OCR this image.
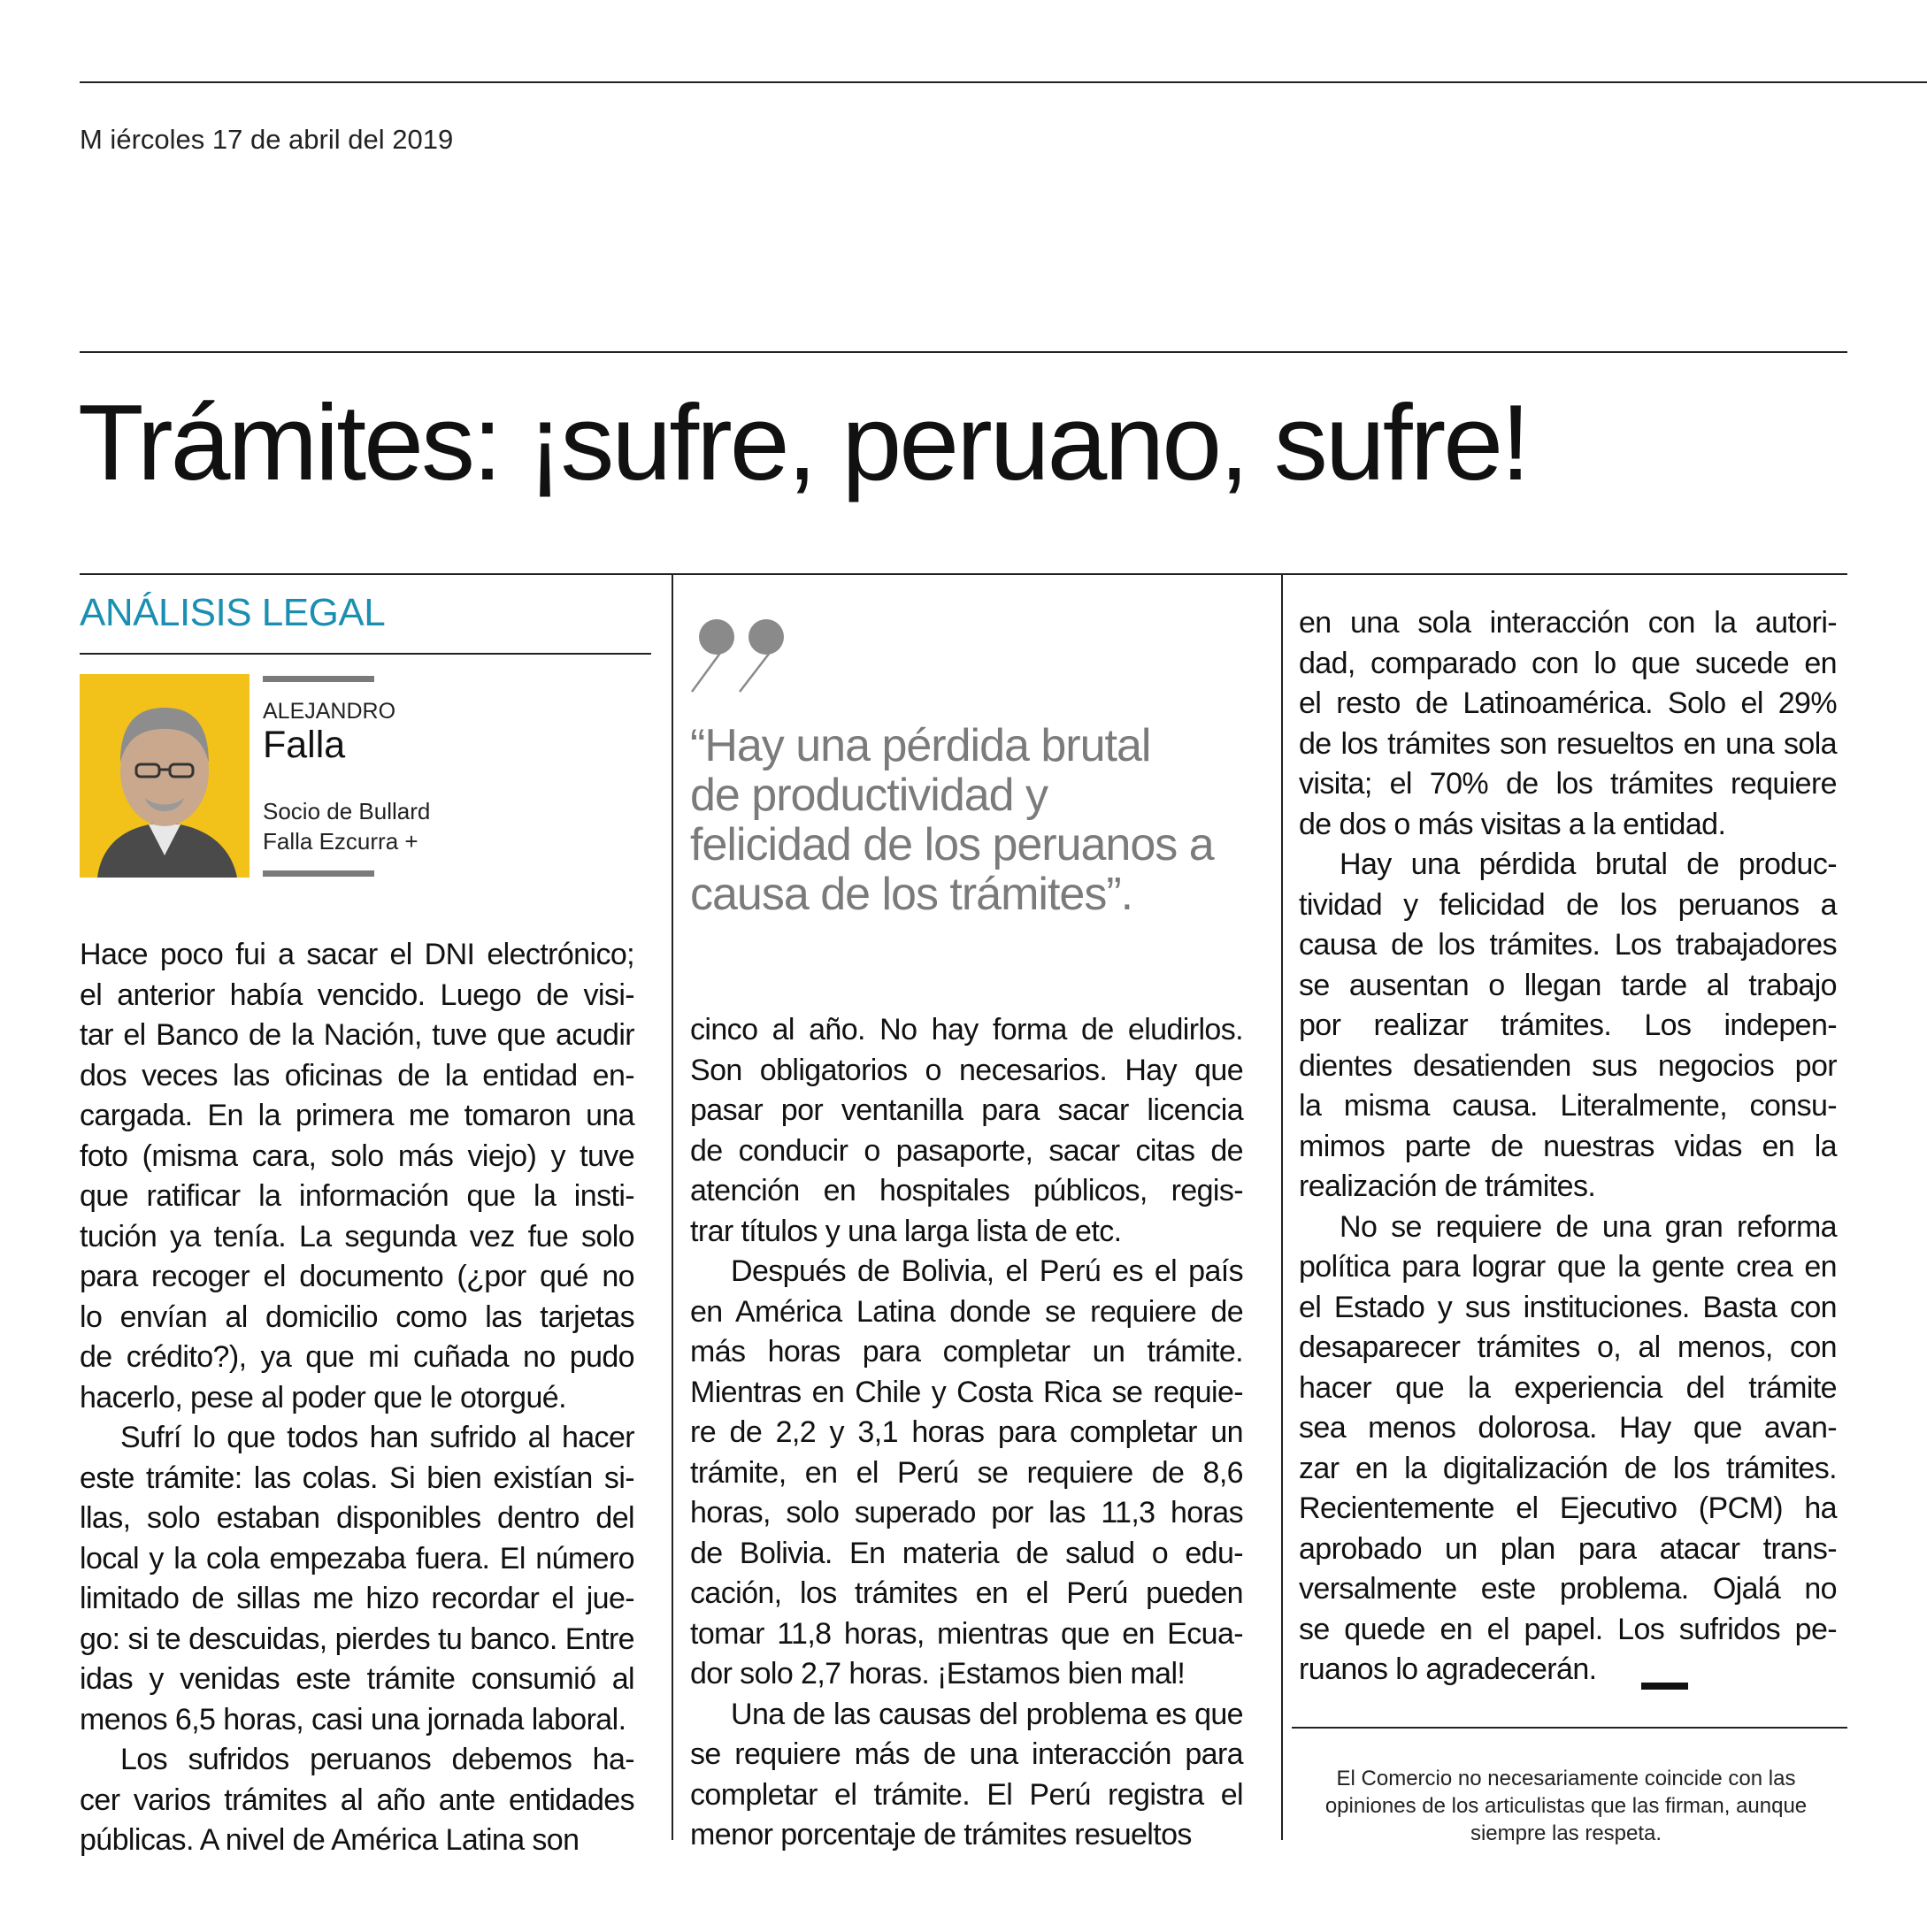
M iércoles 17 de abril del 2019
Trámites: ¡sufre, peruano, sufre!
ANÁLISIS LEGAL
ALEJANDRO
Falla
Socio de Bullard
Falla Ezcurra +
“Hay una pérdida brutal
de productividad y
felicidad de los peruanos a
causa de los trámites”.
Hace poco fui a sacar el DNI electrónico;
el anterior había vencido. Luego de visi-
tar el Banco de la Nación, tuve que acudir
dos veces las oficinas de la entidad en-
cargada. En la primera me tomaron una
foto (misma cara, solo más viejo) y tuve
que ratificar la información que la insti-
tución ya tenía. La segunda vez fue solo
para recoger el documento (¿por qué no
lo envían al domicilio como las tarjetas
de crédito?), ya que mi cuñada no pudo
hacerlo, pese al poder que le otorgué.
Sufrí lo que todos han sufrido al hacer
este trámite: las colas. Si bien existían si-
llas, solo estaban disponibles dentro del
local y la cola empezaba fuera. El número
limitado de sillas me hizo recordar el jue-
go: si te descuidas, pierdes tu banco. Entre
idas y venidas este trámite consumió al
menos 6,5 horas, casi una jornada laboral.
Los sufridos peruanos debemos ha-
cer varios trámites al año ante entidades
públicas. A nivel de América Latina son
cinco al año. No hay forma de eludirlos.
Son obligatorios o necesarios. Hay que
pasar por ventanilla para sacar licencia
de conducir o pasaporte, sacar citas de
atención en hospitales públicos, regis-
trar títulos y una larga lista de etc.
Después de Bolivia, el Perú es el país
en América Latina donde se requiere de
más horas para completar un trámite.
Mientras en Chile y Costa Rica se requie-
re de 2,2 y 3,1 horas para completar un
trámite, en el Perú se requiere de 8,6
horas, solo superado por las 11,3 horas
de Bolivia. En materia de salud o edu-
cación, los trámites en el Perú pueden
tomar 11,8 horas, mientras que en Ecua-
dor solo 2,7 horas. ¡Estamos bien mal!
Una de las causas del problema es que
se requiere más de una interacción para
completar el trámite. El Perú registra el
menor porcentaje de trámites resueltos
en una sola interacción con la autori-
dad, comparado con lo que sucede en
el resto de Latinoamérica. Solo el 29%
de los trámites son resueltos en una sola
visita; el 70% de los trámites requiere
de dos o más visitas a la entidad.
Hay una pérdida brutal de produc-
tividad y felicidad de los peruanos a
causa de los trámites. Los trabajadores
se ausentan o llegan tarde al trabajo
por realizar trámites. Los indepen-
dientes desatienden sus negocios por
la misma causa. Literalmente, consu-
mimos parte de nuestras vidas en la
realización de trámites.
No se requiere de una gran reforma
política para lograr que la gente crea en
el Estado y sus instituciones. Basta con
desaparecer trámites o, al menos, con
hacer que la experiencia del trámite
sea menos dolorosa. Hay que avan-
zar en la digitalización de los trámites.
Recientemente el Ejecutivo (PCM) ha
aprobado un plan para atacar trans-
versalmente este problema. Ojalá no
se quede en el papel. Los sufridos pe-
ruanos lo agradecerán.
El Comercio no necesariamente coincide con las
opiniones de los articulistas que las firman, aunque
siempre las respeta.
